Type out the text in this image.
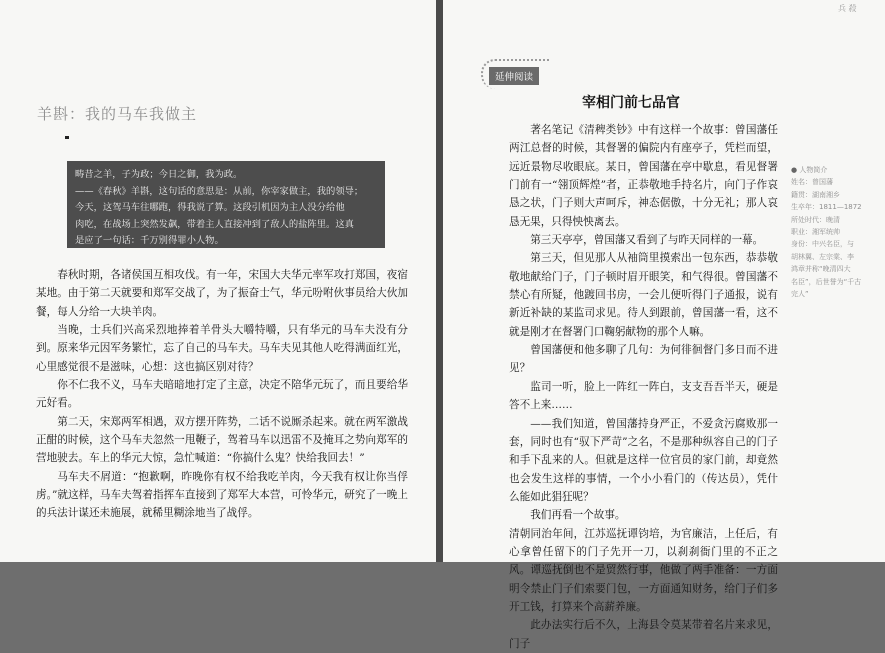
羊斟：我的马车我做主

畴昔之羊，子为政；今日之御，我为政。

——《春秋》羊斟，这句话的意思是：从前，你宰家做主，我的领导；

今天，这驾马车往哪跑，得我说了算。这段引机因为主人没分给他

肉吃，在战场上突然发飙，带着主人直接冲到了敌人的盐阵里。这真

是应了一句话：千万别得罪小人物。

春秋时期，各诸侯国互相攻伐。有一年，宋国大夫华元率军攻打郑国，夜宿某地。由于第二天就要和郑军交战了，为了振奋士气，华元吩咐伙事员给大伙加餐，每人分给一大块羊肉。

当晚，士兵们兴高采烈地捧着羊骨头大嚼特嚼，只有华元的马车夫没有分到。原来华元因军务繁忙，忘了自己的马车夫。马车夫见其他人吃得满面红光，心里感觉很不是滋味，心想：这也搞区别对待？

你不仁我不义，马车夫暗暗地打定了主意，决定不陪华元玩了，而且要给华元好看。

第二天，宋郑两军相遇，双方摆开阵势，二话不说厮杀起来。就在两军激战正酣的时候，这个马车夫忽然一甩鞭子，驾着马车以迅雷不及掩耳之势向郑军的营地驶去。车上的华元大惊，急忙喊道：“你搞什么鬼？快给我回去！”

马车夫不屑道：“抱歉啊，昨晚你有权不给我吃羊肉，今天我有权让你当俘虏。”就这样，马车夫驾着指挥车直接到了郑军大本营，可怜华元，研究了一晚上的兵法计谋还未施展，就稀里糊涂地当了战俘。

兵 殺
延伸阅读
宰相门前七品官

著名笔记《清稗类钞》中有这样一个故事：曾国藩任两江总督的时候，其督署的偏院内有座亭子，凭栏而望，远近景物尽收眼底。某日，曾国藩在亭中歇息，看见督署门前有一“翎顶辉煌”者，正恭敬地手持名片，向门子作哀恳之状，门子则大声呵斥，神态倨傲，十分无礼；那人哀恳无果，只得怏怏离去。

第三天亭亭，曾国藩又看到了与昨天同样的一幕。

第三天，但见那人从袖筒里摸索出一包东西，恭恭敬敬地献给门子，门子顿时眉开眼笑，和气得很。曾国藩不禁心有所疑，他踱回书房，一会儿便听得门子通报，说有新近补缺的某监司求见。待人到跟前，曾国藩一看，这不就是刚才在督署门口鞠躬献物的那个人嘛。

曾国藩便和他多聊了几句：为何徘徊督门多日而不进见？

监司一听，脸上一阵红一阵白，支支吾吾半天，硬是答不上来……

——我们知道，曾国藩持身严正，不爱贪污腐败那一套，同时也有“驭下严苛”之名，不是那种纵容自己的门子和手下乱来的人。但就是这样一位官员的家门前，却竟然也会发生这样的事情，一个小小看门的（传达员），凭什么能如此猖狂呢？

我们再看一个故事。

清朝同治年间，江苏巡抚谭钧培，为官廉洁，上任后，有心拿曾任留下的门子先开一刀，以刹刹衙门里的不正之风。谭巡抚倒也不是贸然行事，他做了两手准备：一方面明令禁止门子们索要门包，一方面通知财务，给门子们多开工钱，打算来个高薪养廉。

此办法实行后不久，上海县令莫某带着名片来求见，门子

● 人物简介

姓名：曾国藩

籍贯：湖南湘乡

生卒年：1811—1872

所处时代：晚清

职业：湘军统帅

身份：中兴名臣，与

胡林翼、左宗棠、李

鸿章并称“晚清四大

名臣”，后世誉为“千古

完人”
